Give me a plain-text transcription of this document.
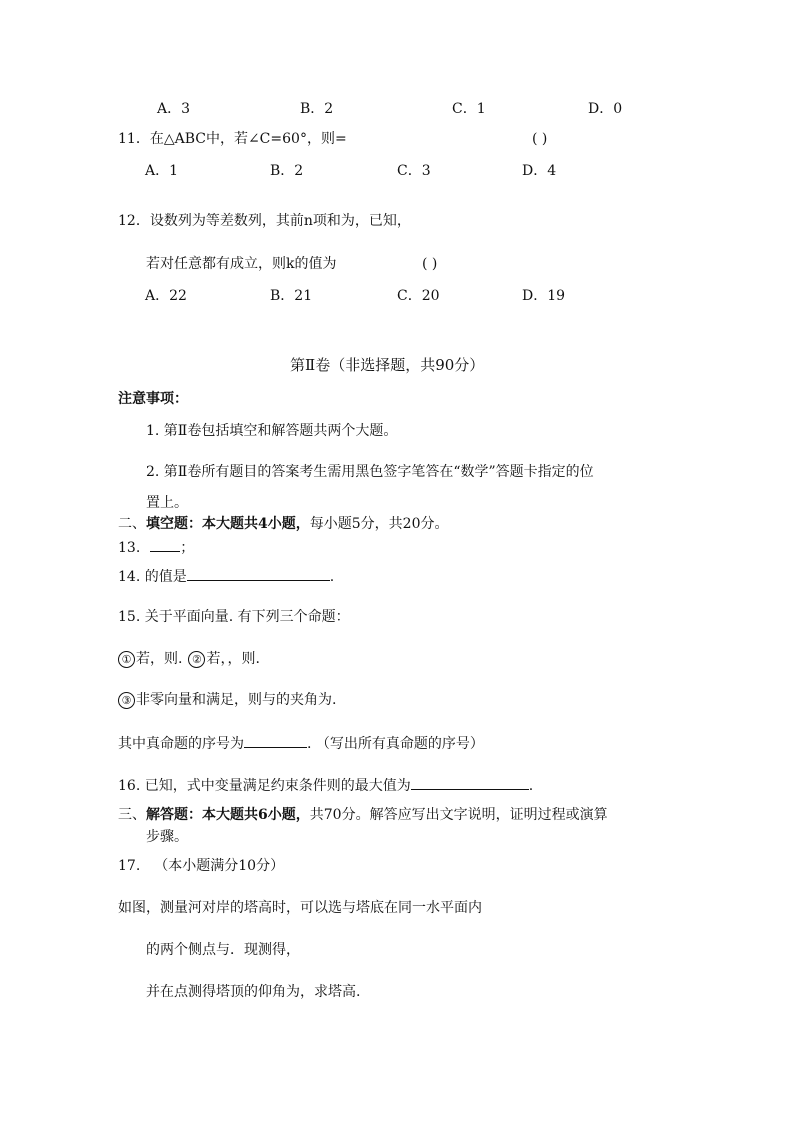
A．3	B．2	C．1	D．0
11．在△ABC中，若∠C=60°，则=	( )
A．1	B．2	C．3	D．4
12．设数列为等差数列，其前n项和为，已知，
若对任意都有成立，则k的值为	( )
A．22	B．21	C．20	D．19
第Ⅱ卷（非选择题，共90分）
注意事项：
1. 第Ⅱ卷包括填空和解答题共两个大题。
2. 第Ⅱ卷所有题目的答案考生需用黑色签字笔答在“数学”答题卡指定的位
置上。
二、填空题：本大题共4小题，每小题5分，共20分。
13.	；
14. 的值是	.
15. 关于平面向量. 有下列三个命题：
① 若，则. ② 若，，则.
③ 非零向量和满足，则与的夹角为.
其中真命题的序号为	. （写出所有真命题的序号）
16. 已知，式中变量满足约束条件则的最大值为	.
三、解答题：本大题共6小题，共70分。解答应写出文字说明，证明过程或演算
步骤。
17. （本小题满分10分）
如图，测量河对岸的塔高时，可以选与塔底在同一水平面内
的两个侧点与．现测得，
并在点测得塔顶的仰角为，求塔高.
